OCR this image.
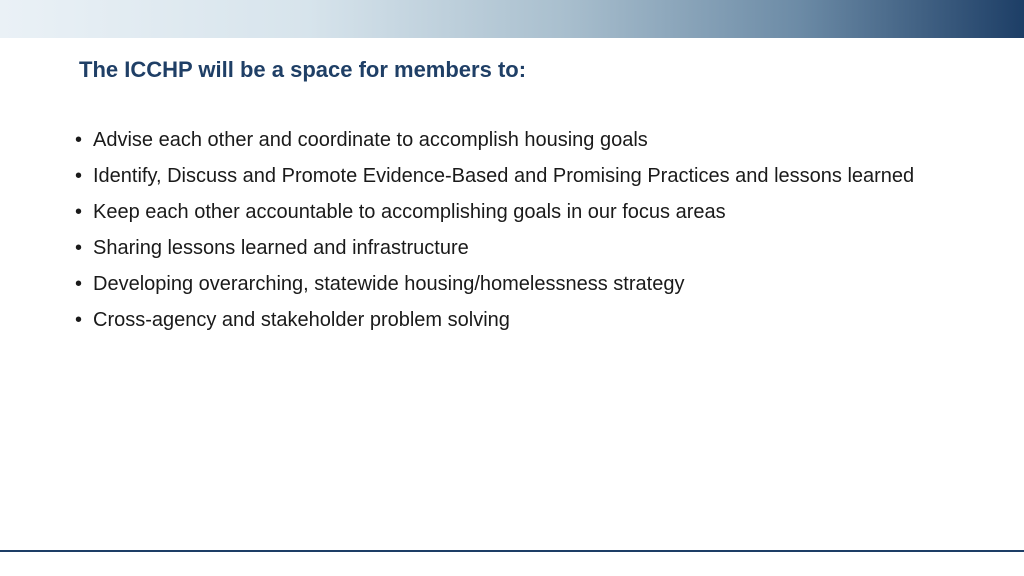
The ICCHP will be a space for members to:
• Advise each other and coordinate to accomplish housing goals
• Identify, Discuss and Promote Evidence-Based and Promising Practices and lessons learned
• Keep each other accountable to accomplishing goals in our focus areas
• Sharing lessons learned and infrastructure
• Developing overarching, statewide housing/homelessness strategy
• Cross-agency and stakeholder problem solving
